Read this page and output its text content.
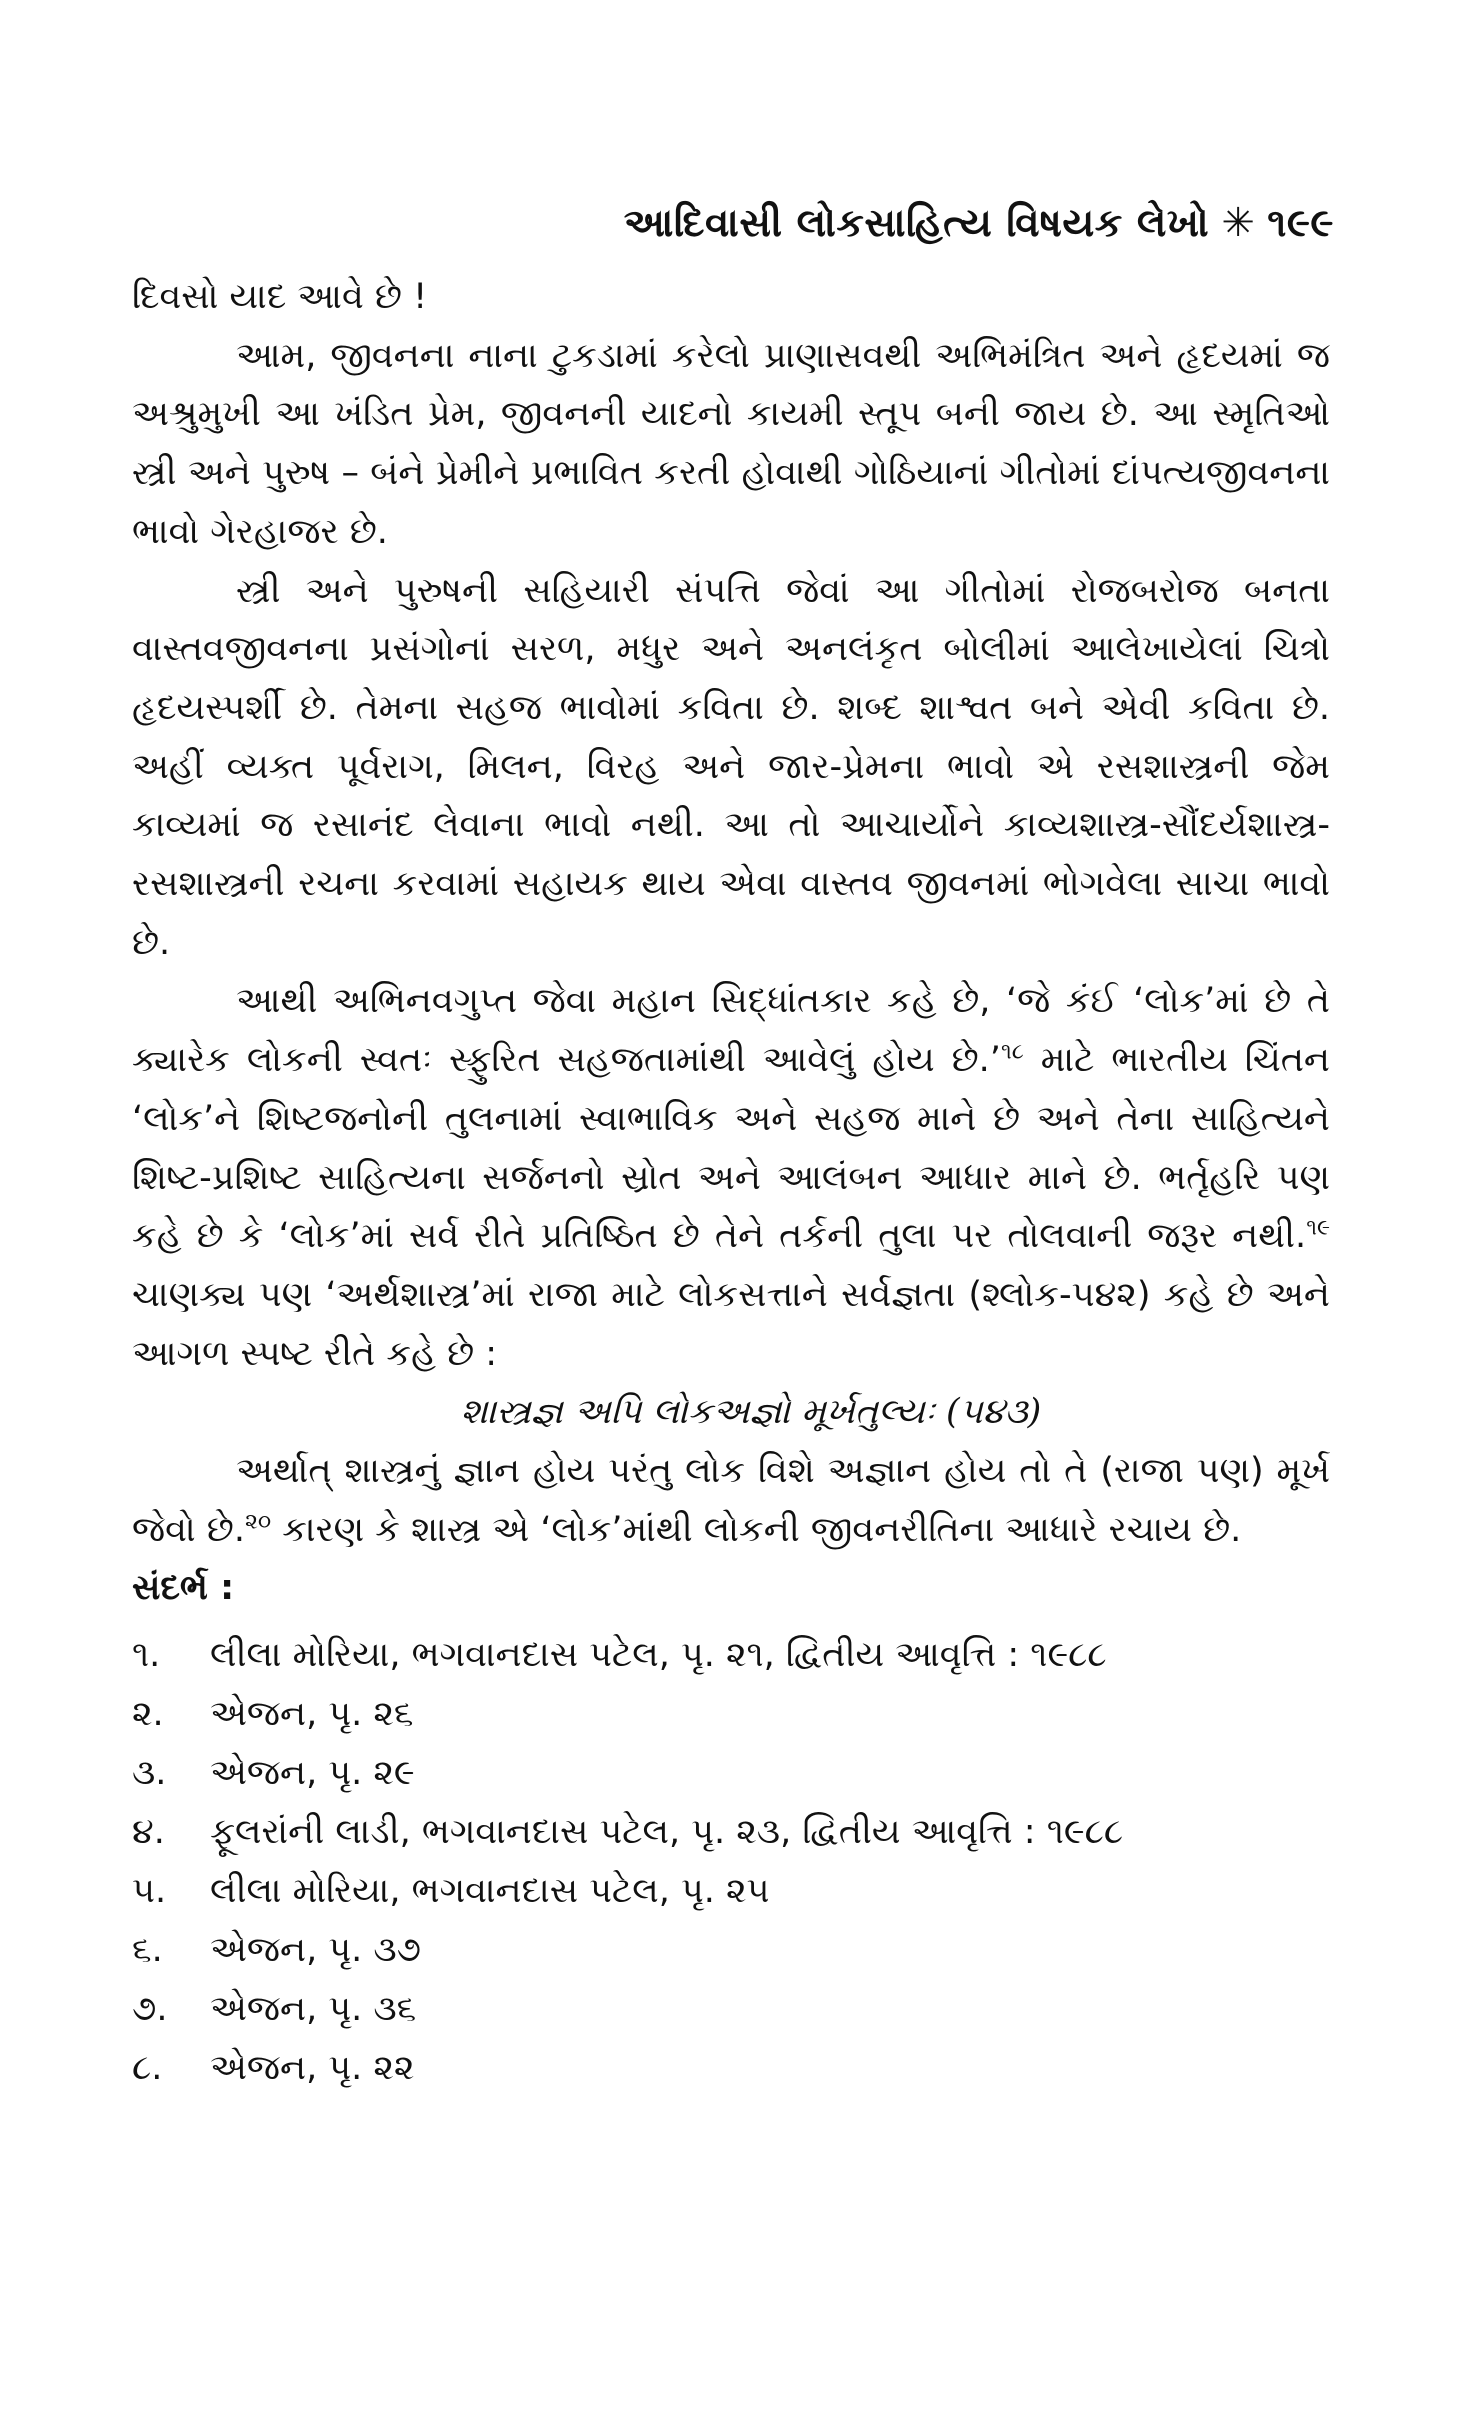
આદિવાસી લોકસાહિત્ય વિષયક લેખો ✳ ૧૯૯

દિવસો યાદ આવે છે !

આમ, જીવનના નાના ટુકડામાં કરેલો પ્રાણાસવથી અભિમંત્રિત અને હૃદયમાં જ અશ્રુમુખી આ ખંડિત પ્રેમ, જીવનની યાદનો કાયમી સ્તૂપ બની જાય છે. આ સ્મૃતિઓ સ્ત્રી અને પુરુષ – બંને પ્રેમીને પ્રભાવિત કરતી હોવાથી ગોઠિયાનાં ગીતોમાં દાંપત્યજીવનના ભાવો ગેરહાજર છે.

સ્ત્રી અને પુરુષની સહિયારી સંપત્તિ જેવાં આ ગીતોમાં રોજબરોજ બનતા વાસ્તવજીવનના પ્રસંગોનાં સરળ, મધુર અને અનલંકૃત બોલીમાં આલેખાયેલાં ચિત્રો હૃદયસ્પર્શી છે. તેમના સહજ ભાવોમાં કવિતા છે. શબ્દ શાશ્વત બને એવી કવિતા છે. અહીં વ્યક્ત પૂર્વરાગ, મિલન, વિરહ અને જાર-પ્રેમના ભાવો એ રસશાસ્ત્રની જેમ કાવ્યમાં જ રસાનંદ લેવાના ભાવો નથી. આ તો આચાર્યોને કાવ્યશાસ્ત્ર-સૌંદર્યશાસ્ત્ર-રસશાસ્ત્રની રચના કરવામાં સહાયક થાય એવા વાસ્તવ જીવનમાં ભોગવેલા સાચા ભાવો છે.

આથી અભિનવગુપ્ત જેવા મહાન સિદ્ધાંતકાર કહે છે, ‘જે કંઈ ‘લોક’માં છે તે ક્યારેક લોકની સ્વતઃ સ્ફુરિત સહજતામાંથી આવેલું હોય છે.’$^{૧૮}$ માટે ભારતીય ચિંતન ‘લોક’ને શિષ્ટજનોની તુલનામાં સ્વાભાવિક અને સહજ માને છે અને તેના સાહિત્યને શિષ્ટ-પ્રશિષ્ટ સાહિત્યના સર્જનનો સ્રોત અને આલંબન આધાર માને છે. ભર્તૃહરિ પણ કહે છે કે ‘લોક’માં સર્વ રીતે પ્રતિષ્ઠિત છે તેને તર્કની તુલા પર તોલવાની જરૂર નથી.$^{૧૯}$ ચાણક્ય પણ ‘અર્થશાસ્ત્ર’માં રાજા માટે લોકસત્તાને સર્વજ્ઞતા (શ્લોક-૫૪૨) કહે છે અને આગળ સ્પષ્ટ રીતે કહે છે :

શાસ્ત્રજ્ઞ અપિ લોકઅજ્ઞો મૂર્ખતુલ્યઃ (૫૪૩)

અર્થાત્ શાસ્ત્રનું જ્ઞાન હોય પરંતુ લોક વિશે અજ્ઞાન હોય તો તે (રાજા પણ) મૂર્ખ જેવો છે.$^{૨૦}$ કારણ કે શાસ્ત્ર એ ‘લોક’માંથી લોકની જીવનરીતિના આધારે રચાય છે.

સંદર્ભ :

૧.	લીલા મોરિયા, ભગવાનદાસ પટેલ, પૃ. ૨૧, દ્વિતીય આવૃત્તિ : ૧૯૮૮
૨.	એજન, પૃ. ૨૬
૩.	એજન, પૃ. ૨૯
૪.	ફૂલરાંની લાડી, ભગવાનદાસ પટેલ, પૃ. ૨૩, દ્વિતીય આવૃત્તિ : ૧૯૮૮
૫.	લીલા મોરિયા, ભગવાનદાસ પટેલ, પૃ. ૨૫
૬.	એજન, પૃ. ૩૭
૭.	એજન, પૃ. ૩૬
૮.	એજન, પૃ. ૨૨
